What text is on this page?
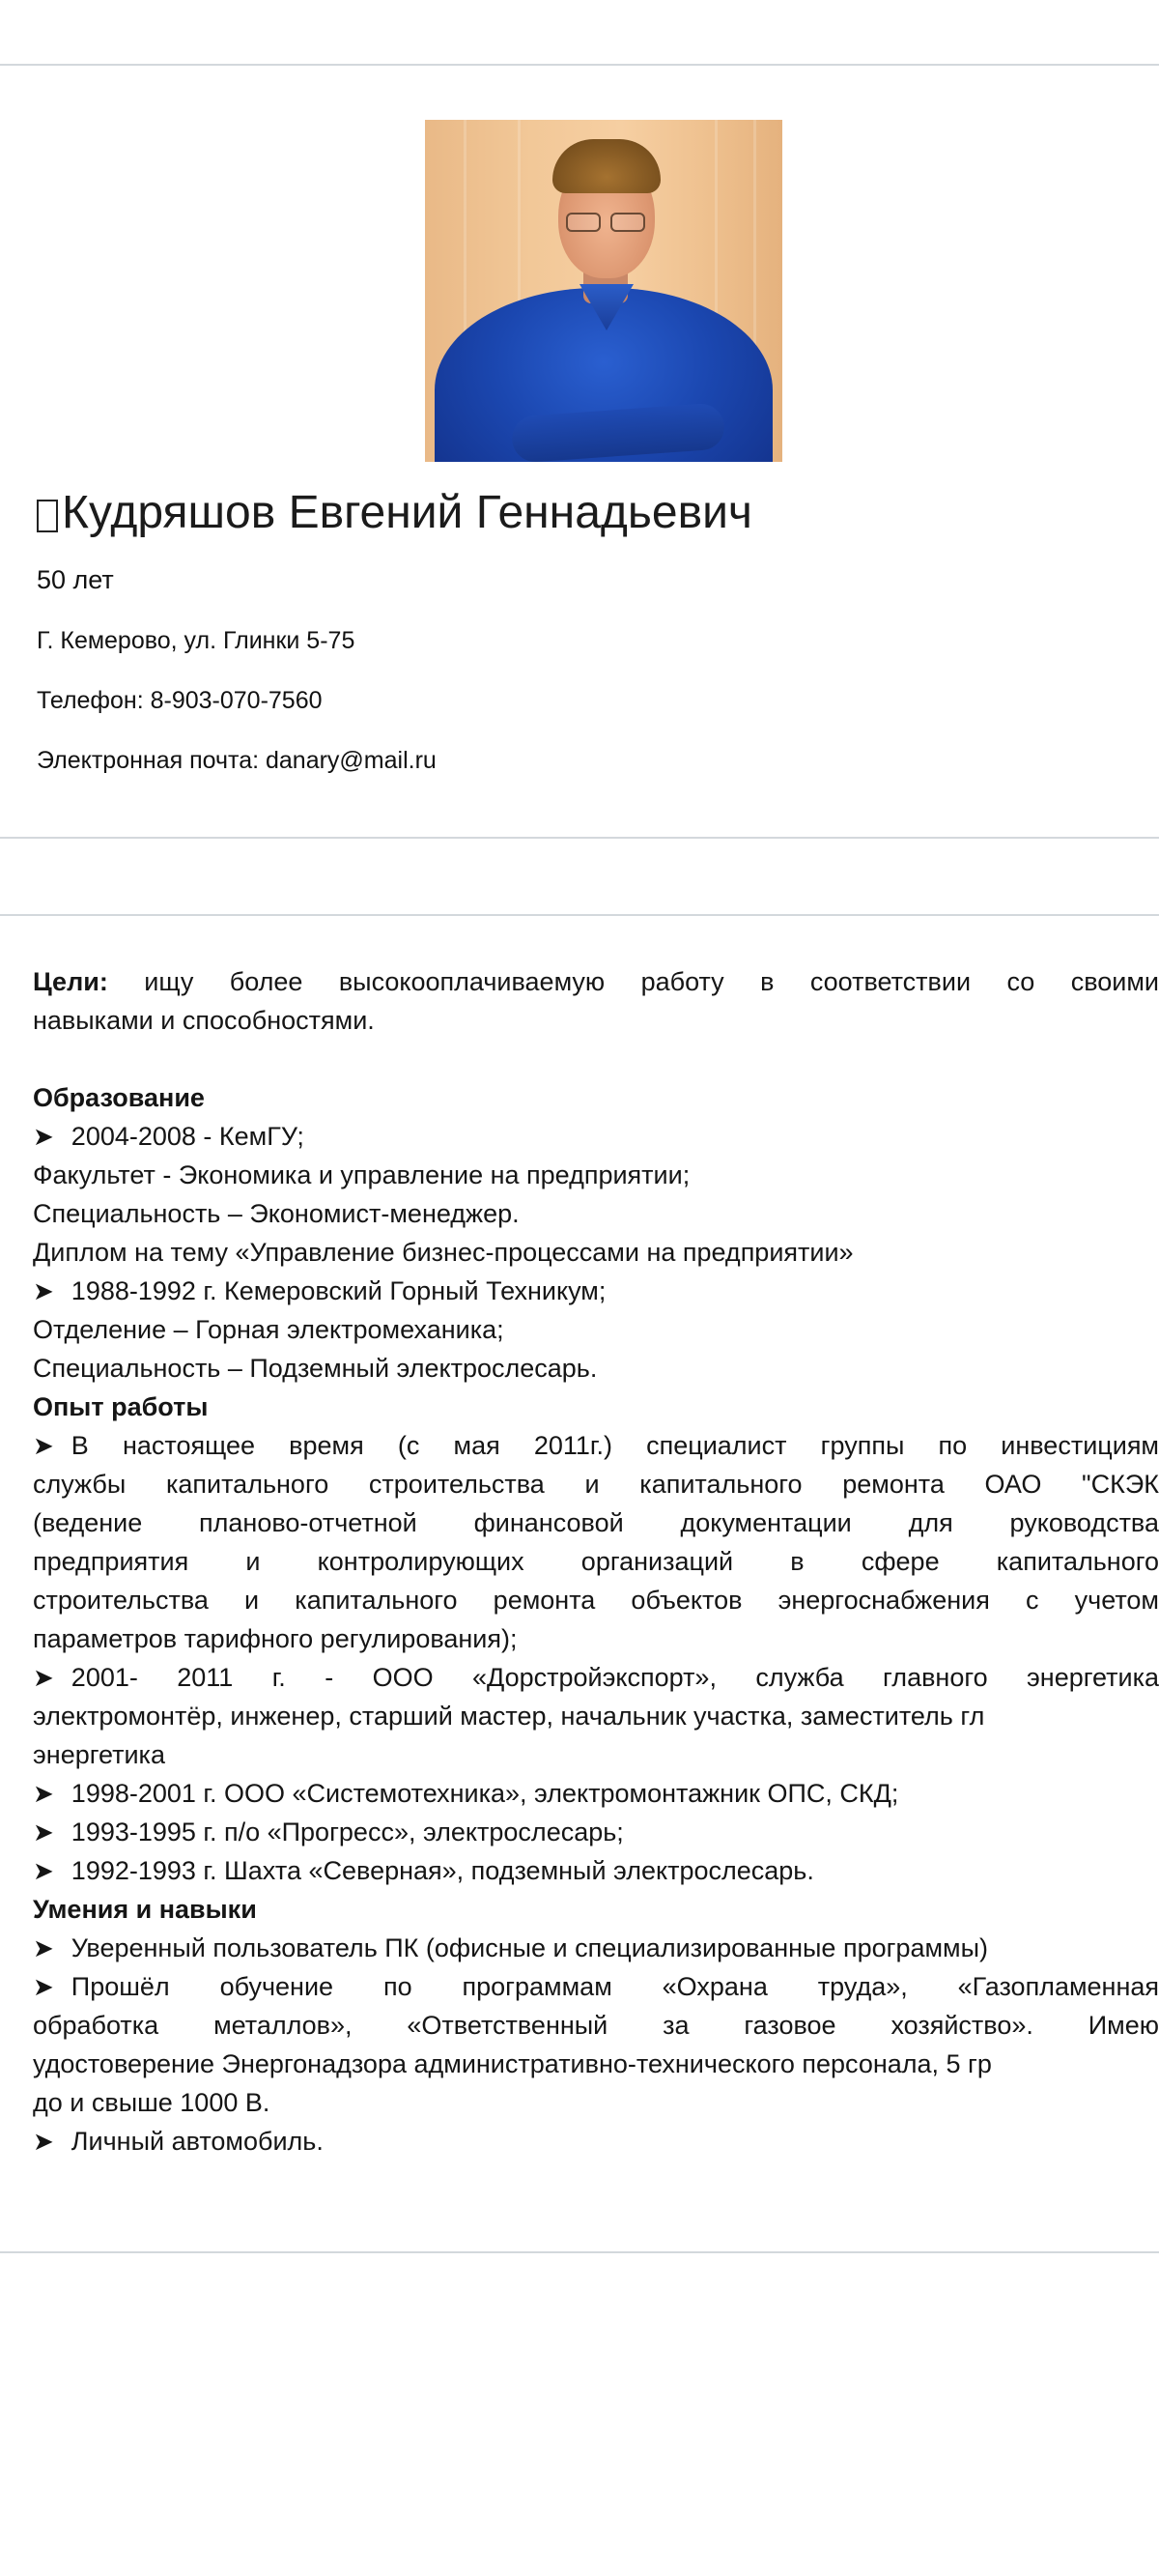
Кудряшов Евгений Геннадьевич
50 лет
Г. Кемерово, ул. Глинки 5-75
Телефон: 8-903-070-7560
Электронная почта: danary@mail.ru
Цели: ищу более высокооплачиваемую работу в соответствии со своими
навыками и способностями.
Образование
➤ 2004-2008 - КемГУ;
Факультет - Экономика и управление на предприятии;
Специальность – Экономист-менеджер.
Диплом на тему «Управление бизнес-процессами на предприятии»
➤ 1988-1992 г. Кемеровский Горный Техникум;
Отделение – Горная электромеханика;
Специальность – Подземный электрослесарь.
Опыт работы
➤ В настоящее время (с мая 2011г.) специалист группы по инвестициям
службы капитального строительства и капитального ремонта ОАО "СКЭК
(ведение планово-отчетной финансовой документации для руководства
предприятия и контролирующих организаций в сфере капитального
строительства и капитального ремонта объектов энергоснабжения с учетом
параметров тарифного регулирования);
➤ 2001- 2011 г. - ООО «Дорстройэкспорт», служба главного энергетика
электромонтёр, инженер, старший мастер, начальник участка, заместитель гл
энергетика
➤ 1998-2001 г. ООО «Системотехника», электромонтажник ОПС, СКД;
➤ 1993-1995 г. п/о «Прогресс», электрослесарь;
➤ 1992-1993 г. Шахта «Северная», подземный электрослесарь.
Умения и навыки
➤ Уверенный пользователь ПК (офисные и специализированные программы)
➤ Прошёл обучение по программам «Охрана труда», «Газопламенная
обработка металлов», «Ответственный за газовое хозяйство». Имею
удостоверение Энергонадзора административно-технического персонала, 5 гр
до и свыше 1000 В.
➤ Личный автомобиль.
